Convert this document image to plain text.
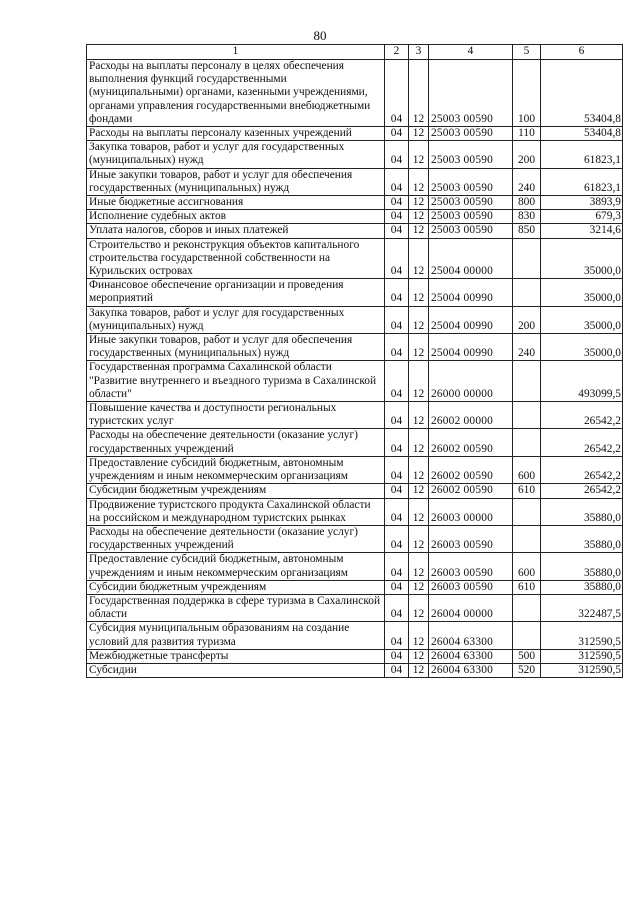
80
1	2	3	4	5	6
Расходы на выплаты персоналу в целях обеспечения выполнения функций государственными (муниципальными) органами, казенными учреждениями, органами управления государственными внебюджетными фондами	04	12	25003 00590	100	53404,8
Расходы на выплаты персоналу казенных учреждений	04	12	25003 00590	110	53404,8
Закупка товаров, работ и услуг для государственных (муниципальных) нужд	04	12	25003 00590	200	61823,1
Иные закупки товаров, работ и услуг для обеспечения государственных (муниципальных) нужд	04	12	25003 00590	240	61823,1
Иные бюджетные ассигнования	04	12	25003 00590	800	3893,9
Исполнение судебных актов	04	12	25003 00590	830	679,3
Уплата налогов, сборов и иных платежей	04	12	25003 00590	850	3214,6
Строительство и реконструкция объектов капитального строительства государственной собственности на Курильских островах	04	12	25004 00000		35000,0
Финансовое обеспечение организации и проведения мероприятий	04	12	25004 00990		35000,0
Закупка товаров, работ и услуг для государственных (муниципальных) нужд	04	12	25004 00990	200	35000,0
Иные закупки товаров, работ и услуг для обеспечения государственных (муниципальных) нужд	04	12	25004 00990	240	35000,0
Государственная программа Сахалинской области "Развитие внутреннего и въездного туризма в Сахалинской области"	04	12	26000 00000		493099,5
Повышение качества и доступности региональных туристских услуг	04	12	26002 00000		26542,2
Расходы на обеспечение деятельности (оказание услуг) государственных учреждений	04	12	26002 00590		26542,2
Предоставление субсидий бюджетным, автономным учреждениям и иным некоммерческим организациям	04	12	26002 00590	600	26542,2
Субсидии бюджетным учреждениям	04	12	26002 00590	610	26542,2
Продвижение туристского продукта Сахалинской области на российском и международном туристских рынках	04	12	26003 00000		35880,0
Расходы на обеспечение деятельности (оказание услуг) государственных учреждений	04	12	26003 00590		35880,0
Предоставление субсидий бюджетным, автономным учреждениям и иным некоммерческим организациям	04	12	26003 00590	600	35880,0
Субсидии бюджетным учреждениям	04	12	26003 00590	610	35880,0
Государственная поддержка в сфере туризма в Сахалинской области	04	12	26004 00000		322487,5
Субсидия муниципальным образованиям на создание условий для развития туризма	04	12	26004 63300		312590,5
Межбюджетные трансферты	04	12	26004 63300	500	312590,5
Субсидии	04	12	26004 63300	520	312590,5
